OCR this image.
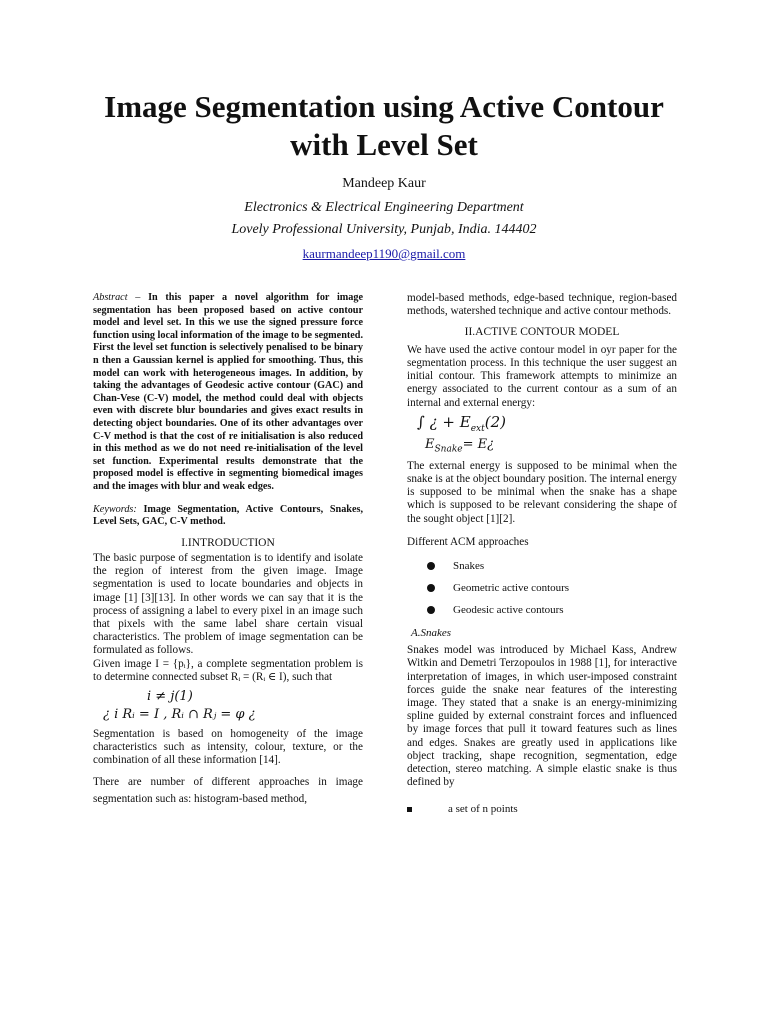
Image Segmentation using Active Contour
with Level Set
Mandeep Kaur
Electronics & Electrical Engineering Department
Lovely Professional University, Punjab, India. 144402
kaurmandeep1190@gmail.com

Abstract – In this paper a novel algorithm for image segmentation has been proposed based on active contour model and level set. In this we use the signed pressure force function using local information of the image to be segmented. First the level set function is selectively penalised to be binary n then a Gaussian kernel is applied for smoothing. Thus, this model can work with heterogeneous images. In addition, by taking the advantages of Geodesic active contour (GAC) and Chan-Vese (C-V) model, the method could deal with objects even with discrete blur boundaries and gives exact results in detecting object boundaries. One of its other advantages over C-V method is that the cost of re initialisation is also reduced in this method as we do not need re-initialisation of the level set function. Experimental results demonstrate that the proposed model is effective in segmenting biomedical images and the images with blur and weak edges.

Keywords: Image Segmentation, Active Contours, Snakes, Level Sets, GAC, C-V method.

I.INTRODUCTION

The basic purpose of segmentation is to identify and isolate the region of interest from the given image. Image segmentation is used to locate boundaries and objects in image [1] [3][13]. In other words we can say that it is the process of assigning a label to every pixel in an image such that pixels with the same label share certain visual characteristics. The problem of image segmentation can be formulated as follows.

Given image I = {pᵢ}, a complete segmentation problem is to determine connected subset Rᵢ = (Rᵢ ∈ I), such that

i ≠ j(1)
¿ i Rᵢ = I , Rᵢ ∩ Rⱼ = φ ¿

Segmentation is based on homogeneity of the image characteristics such as intensity, colour, texture, or the combination of all these information [14].

There are number of different approaches in image segmentation such as: histogram-based method,

model-based methods, edge-based technique, region-based methods, watershed technique and active contour methods.

II.ACTIVE CONTOUR MODEL

We have used the active contour model in oyr paper for the segmentation process. In this technique the user suggest an initial contour. This framework attempts to minimize an energy associated to the current contour as a sum of an internal and external energy:

∫ ¿ + $E_{ext}(2)$
$E_{Snake}=$ E¿

The external energy is supposed to be minimal when the snake is at the object boundary position. The internal energy is supposed to be minimal when the snake has a shape which is supposed to be relevant considering the shape of the sought object [1][2].

Different ACM approaches

Snakes
Geometric active contours
Geodesic active contours
A.Snakes

Snakes model was introduced by Michael Kass, Andrew Witkin and Demetri Terzopoulos in 1988 [1], for interactive interpretation of images, in which user-imposed constraint forces guide the snake near features of the interesting image. They stated that a snake is an energy-minimizing spline guided by external constraint forces and influenced by image forces that pull it toward features such as lines and edges. Snakes are greatly used in applications like object tracking, shape recognition, segmentation, edge detection, stereo matching. A simple elastic snake is thus defined by

a set of n points
